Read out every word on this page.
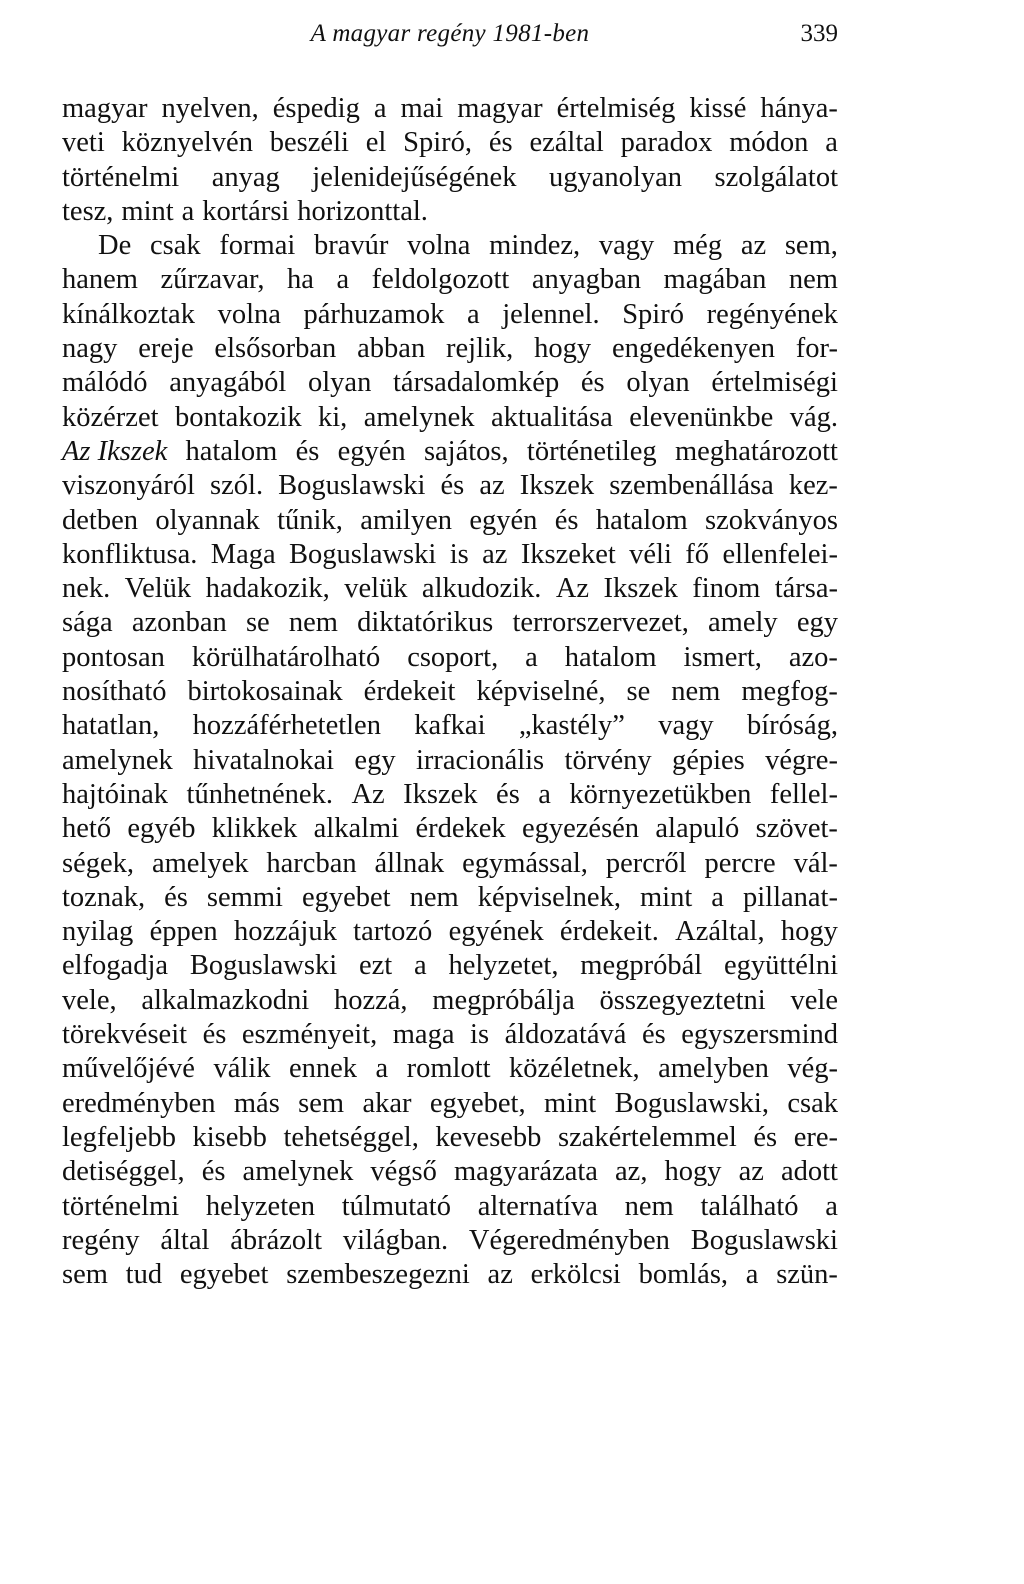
A magyar regény 1981-ben	339
magyar nyelven, éspedig a mai magyar értelmiség kissé hánya-
veti köznyelvén beszéli el Spiró, és ezáltal paradox módon a
történelmi anyag jelenidejűségének ugyanolyan szolgálatot
tesz, mint a kortársi horizonttal.
De csak formai bravúr volna mindez, vagy még az sem,
hanem zűrzavar, ha a feldolgozott anyagban magában nem
kínálkoztak volna párhuzamok a jelennel. Spiró regényének
nagy ereje elsősorban abban rejlik, hogy engedékenyen for-
málódó anyagából olyan társadalomkép és olyan értelmiségi
közérzet bontakozik ki, amelynek aktualitása elevenünkbe vág.
Az Ikszek hatalom és egyén sajátos, történetileg meghatározott
viszonyáról szól. Boguslawski és az Ikszek szembenállása kez-
detben olyannak tűnik, amilyen egyén és hatalom szokványos
konfliktusa. Maga Boguslawski is az Ikszeket véli fő ellenfelei-
nek. Velük hadakozik, velük alkudozik. Az Ikszek finom társa-
sága azonban se nem diktatórikus terrorszervezet, amely egy
pontosan körülhatárolható csoport, a hatalom ismert, azo-
nosítható birtokosainak érdekeit képviselné, se nem megfog-
hatatlan, hozzáférhetetlen kafkai „kastély” vagy bíróság,
amelynek hivatalnokai egy irracionális törvény gépies végre-
hajtóinak tűnhetnének. Az Ikszek és a környezetükben fellel-
hető egyéb klikkek alkalmi érdekek egyezésén alapuló szövet-
ségek, amelyek harcban állnak egymással, percről percre vál-
toznak, és semmi egyebet nem képviselnek, mint a pillanat-
nyilag éppen hozzájuk tartozó egyének érdekeit. Azáltal, hogy
elfogadja Boguslawski ezt a helyzetet, megpróbál együttélni
vele, alkalmazkodni hozzá, megpróbálja összegyeztetni vele
törekvéseit és eszményeit, maga is áldozatává és egyszersmind
művelőjévé válik ennek a romlott közéletnek, amelyben vég-
eredményben más sem akar egyebet, mint Boguslawski, csak
legfeljebb kisebb tehetséggel, kevesebb szakértelemmel és ere-
detiséggel, és amelynek végső magyarázata az, hogy az adott
történelmi helyzeten túlmutató alternatíva nem található a
regény által ábrázolt világban. Végeredményben Boguslawski
sem tud egyebet szembeszegezni az erkölcsi bomlás, a szün-
